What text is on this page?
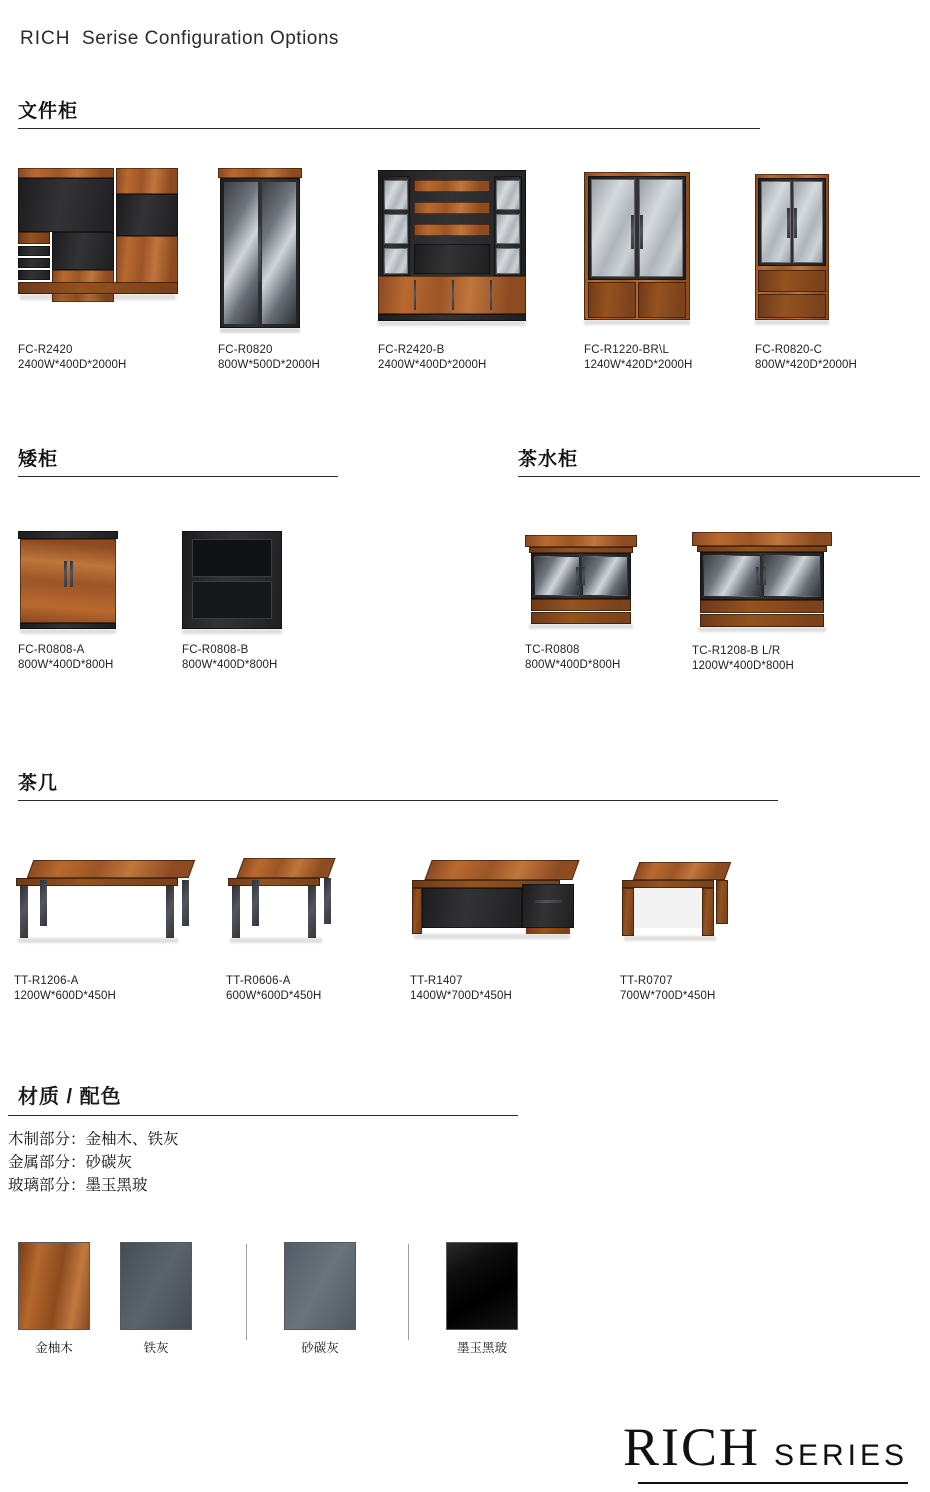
RICH Serise Configuration Options
文件柜
FC-R2420
2400W*400D*2000H
FC-R0820
800W*500D*2000H
FC-R2420-B
2400W*400D*2000H
FC-R1220-BR\L
1240W*420D*2000H
FC-R0820-C
800W*420D*2000H
矮柜
FC-R0808-A
800W*400D*800H
FC-R0808-B
800W*400D*800H
茶水柜
TC-R0808
800W*400D*800H
TC-R1208-B L/R
1200W*400D*800H
茶几
TT-R1206-A
1200W*600D*450H
TT-R0606-A
600W*600D*450H
TT-R1407
1400W*700D*450H
TT-R0707
700W*700D*450H
材质 / 配色
木制部分：金柚木、铁灰
金属部分：砂碳灰
玻璃部分：墨玉黑玻
金柚木	铁灰	砂碳灰	墨玉黑玻
RICH SERIES
